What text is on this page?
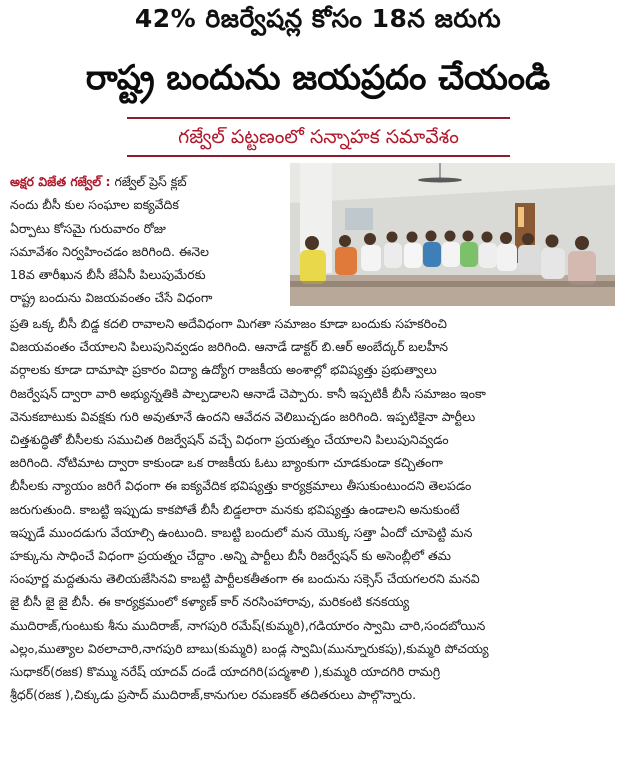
42% రిజర్వేషన్ల కోసం 18న జరుగు
రాష్ట్ర బందును జయప్రదం చేయండి
గజ్వేల్ పట్టణంలో సన్నాహక సమావేశం
అక్షర విజేత గజ్వేల్ : గజ్వేల్ ప్రెస్ క్లబ్
నందు బీసీ కుల సంఘాల ఐక్యవేదిక
ఏర్పాటు కోసమై గురువారం రోజు
సమావేశం నిర్వహించడం జరిగింది. ఈనెల
18వ తారీఖున బీసీ జేఏసీ పిలుపుమేరకు
రాష్ట్ర బందును విజయవంతం చేసే విధంగా
ప్రతి ఒక్క బీసీ బిడ్డ కదలి రావాలని అదేవిధంగా మిగతా సమాజం కూడా బందుకు సహకరించి
విజయవంతం చేయాలని పిలుపునివ్వడం జరిగింది. ఆనాడే డాక్టర్ బి.ఆర్ అంబేద్కర్ బలహీన
వర్గాలకు కూడా దామాషా ప్రకారం విద్యా ఉద్యోగ రాజకీయ అంశాల్లో భవిష్యత్తు ప్రభుత్వాలు
రిజర్వేషన్ ద్వారా వారి అభ్యున్నతికి పాల్పడాలని ఆనాడే చెప్పారు. కానీ ఇప్పటికీ బీసీ సమాజం ఇంకా
వెనుకబాటుకు వివక్షకు గురి అవుతూనే ఉందని ఆవేదన వెలిబుచ్చడం జరిగింది. ఇప్పటికైనా పార్టీలు
చిత్తశుద్ధితో బీసీలకు సముచిత రిజర్వేషన్ వచ్చే విధంగా ప్రయత్నం చేయాలని పిలుపునివ్వడం
జరిగింది. నోటిమాట ద్వారా కాకుండా ఒక రాజకీయ ఓటు బ్యాంకుగా చూడకుండా కచ్చితంగా
బీసీలకు న్యాయం జరిగే విధంగా ఈ ఐక్యవేదిక భవిష్యత్తు కార్యక్రమాలు తీసుకుంటుందని తెలపడం
జరుగుతుంది. కాబట్టి ఇప్పుడు కాకపోతే బీసీ బిడ్డలారా మనకు భవిష్యత్తు ఉండాలని అనుకుంటే
ఇప్పుడే ముందడుగు వేయాల్సి ఉంటుంది. కాబట్టి బందులో మన యొక్క సత్తా ఏందో చూపెట్టి మన
హక్కును సాధించే విధంగా ప్రయత్నం చేద్దాం .అన్ని పార్టీలు బీసీ రిజర్వేషన్ కు అసెంబ్లీలో తమ
సంపూర్ణ మద్దతును తెలియజేసినవి కాబట్టి పార్టీలకతీతంగా ఈ బందును సక్సెస్ చేయగలరని మనవి
జై బీసీ జై జై బీసీ. ఈ కార్యక్రమంలో కళ్యాణ్ కార్ నరసింహారావు, మరికంటి కనకయ్య
ముదిరాజ్,గుంటుకు శీను ముదిరాజ్, నాగపురి రమేష్(కుమ్మరి),గడియారం స్వామి చారి,సందబోయిన
ఎల్లం,ముత్యాల విఠలాచారి,నాగపురి బాబు(కుమ్మరి) బండ్ల స్వామి(మున్నూరుకపు),కుమ్మరి పోచయ్య
సుధాకర్(రజక) కొమ్ము నరేష్ యాదవ్ దండే యాదగిరి(పద్మశాలి ),కుమ్మరి యాదగిరి రామగ్రి
శ్రీధర్(రజక ),చిక్కుడు ప్రసాద్ ముదిరాజ్,కానుగుల రమణకర్ తదితరులు పాల్గొన్నారు.
